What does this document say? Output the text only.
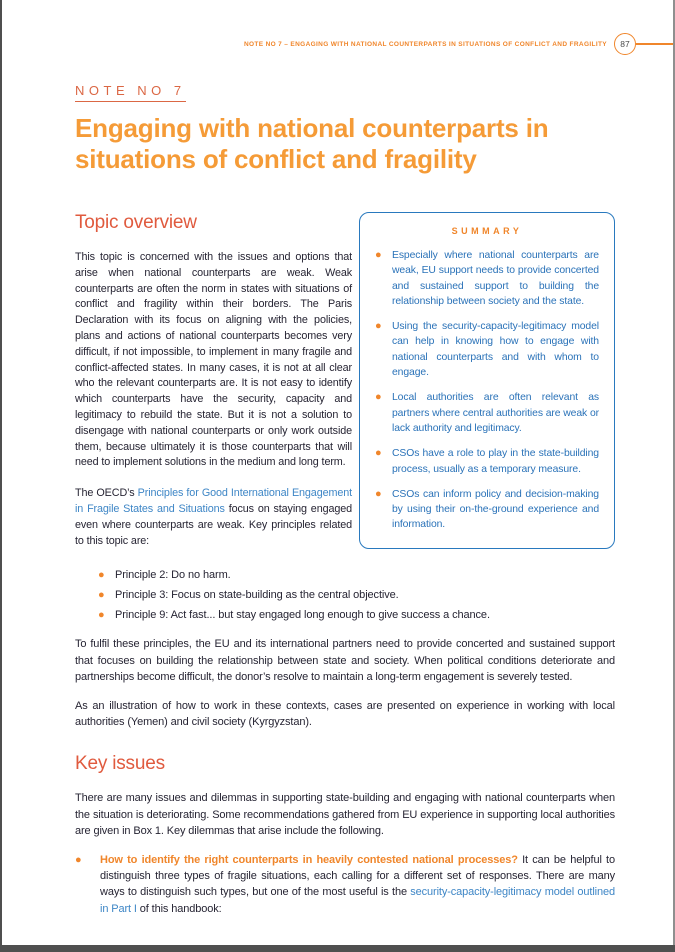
NOTE NO 7 – ENGAGING WITH NATIONAL COUNTERPARTS IN SITUATIONS OF CONFLICT AND FRAGILITY 87
NOTE NO 7
Engaging with national counterparts in situations of conflict and fragility
Topic overview

This topic is concerned with the issues and options that arise when national counterparts are weak. Weak counterparts are often the norm in states with situations of conflict and fragility within their borders. The Paris Declaration with its focus on aligning with the policies, plans and actions of national counterparts becomes very difficult, if not impossible, to implement in many fragile and conflict-affected states. In many cases, it is not at all clear who the relevant counterparts are. It is not easy to identify which counterparts have the security, capacity and legitimacy to rebuild the state. But it is not a solution to disengage with national counterparts or only work outside them, because ultimately it is those counterparts that will need to implement solutions in the medium and long term.

The OECD’s Principles for Good International Engagement in Fragile States and Situations focus on staying engaged even where counterparts are weak. Key principles related to this topic are:

SUMMARY
● Especially where national counterparts are weak, EU support needs to provide concerted and sustained support to building the relationship between society and the state.
● Using the security-capacity-legitimacy model can help in knowing how to engage with national counterparts and with whom to engage.
● Local authorities are often relevant as partners where central authorities are weak or lack authority and legitimacy.
● CSOs have a role to play in the state-building process, usually as a temporary measure.
● CSOs can inform policy and decision-making by using their on-the-ground experience and information.
● Principle 2: Do no harm.
● Principle 3: Focus on state-building as the central objective.
● Principle 9: Act fast... but stay engaged long enough to give success a chance.

To fulfil these principles, the EU and its international partners need to provide concerted and sustained support that focuses on building the relationship between state and society. When political conditions deteriorate and partnerships become difficult, the donor’s resolve to maintain a long-term engagement is severely tested.

As an illustration of how to work in these contexts, cases are presented on experience in working with local authorities (Yemen) and civil society (Kyrgyzstan).

Key issues

There are many issues and dilemmas in supporting state-building and engaging with national counterparts when the situation is deteriorating. Some recommendations gathered from EU experience in supporting local authorities are given in Box 1. Key dilemmas that arise include the following.

●	How to identify the right counterparts in heavily contested national processes? It can be helpful to distinguish three types of fragile situations, each calling for a different set of responses. There are many ways to distinguish such types, but one of the most useful is the security-capacity-legitimacy model outlined in Part I of this handbook:
